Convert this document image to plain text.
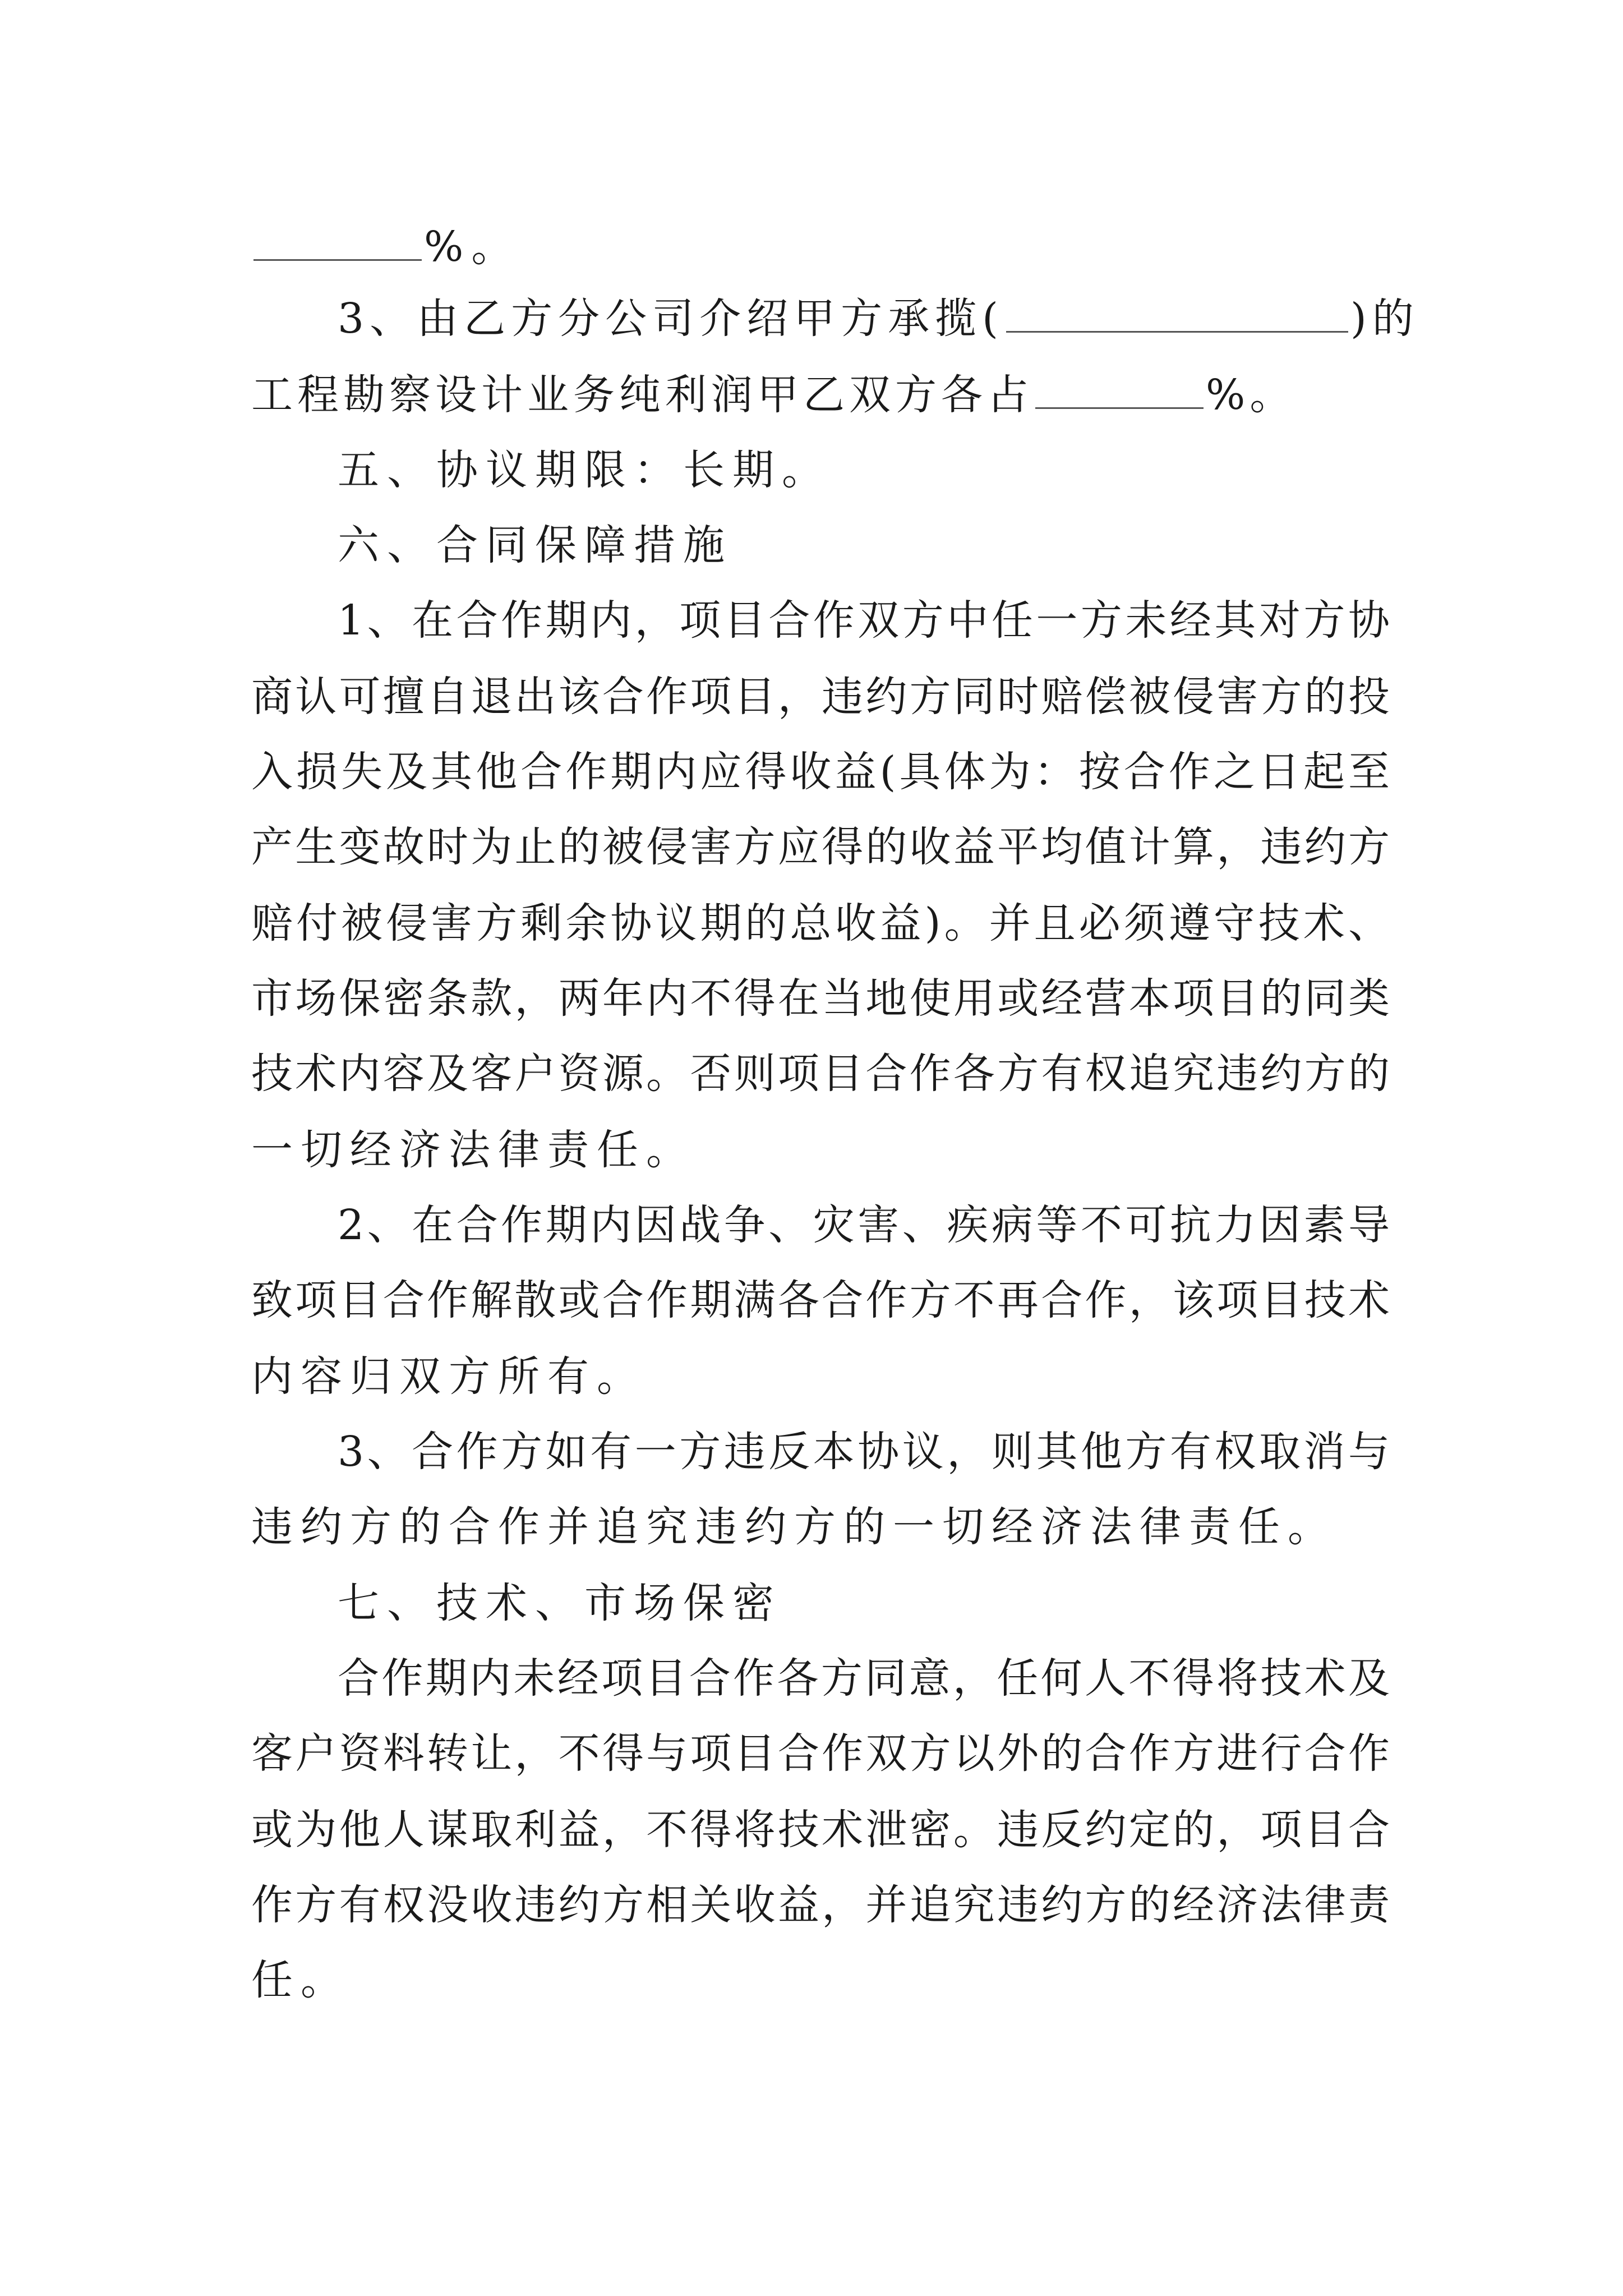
%。
3、由乙方分公司介绍甲方承揽(	)的
工程勘察设计业务纯利润甲乙双方各占	%。
五、协议期限：长期。
六、合同保障措施
1、在合作期内，项目合作双方中任一方未经其对方协
商认可擅自退出该合作项目，违约方同时赔偿被侵害方的投
入损失及其他合作期内应得收益(具体为：按合作之日起至
产生变故时为止的被侵害方应得的收益平均值计算，违约方
赔付被侵害方剩余协议期的总收益)。并且必须遵守技术、
市场保密条款，两年内不得在当地使用或经营本项目的同类
技术内容及客户资源。否则项目合作各方有权追究违约方的
一切经济法律责任。
2、在合作期内因战争、灾害、疾病等不可抗力因素导
致项目合作解散或合作期满各合作方不再合作，该项目技术
内容归双方所有。
3、合作方如有一方违反本协议，则其他方有权取消与
违约方的合作并追究违约方的一切经济法律责任。
七、技术、市场保密
合作期内未经项目合作各方同意，任何人不得将技术及
客户资料转让，不得与项目合作双方以外的合作方进行合作
或为他人谋取利益，不得将技术泄密。违反约定的，项目合
作方有权没收违约方相关收益，并追究违约方的经济法律责
任。
